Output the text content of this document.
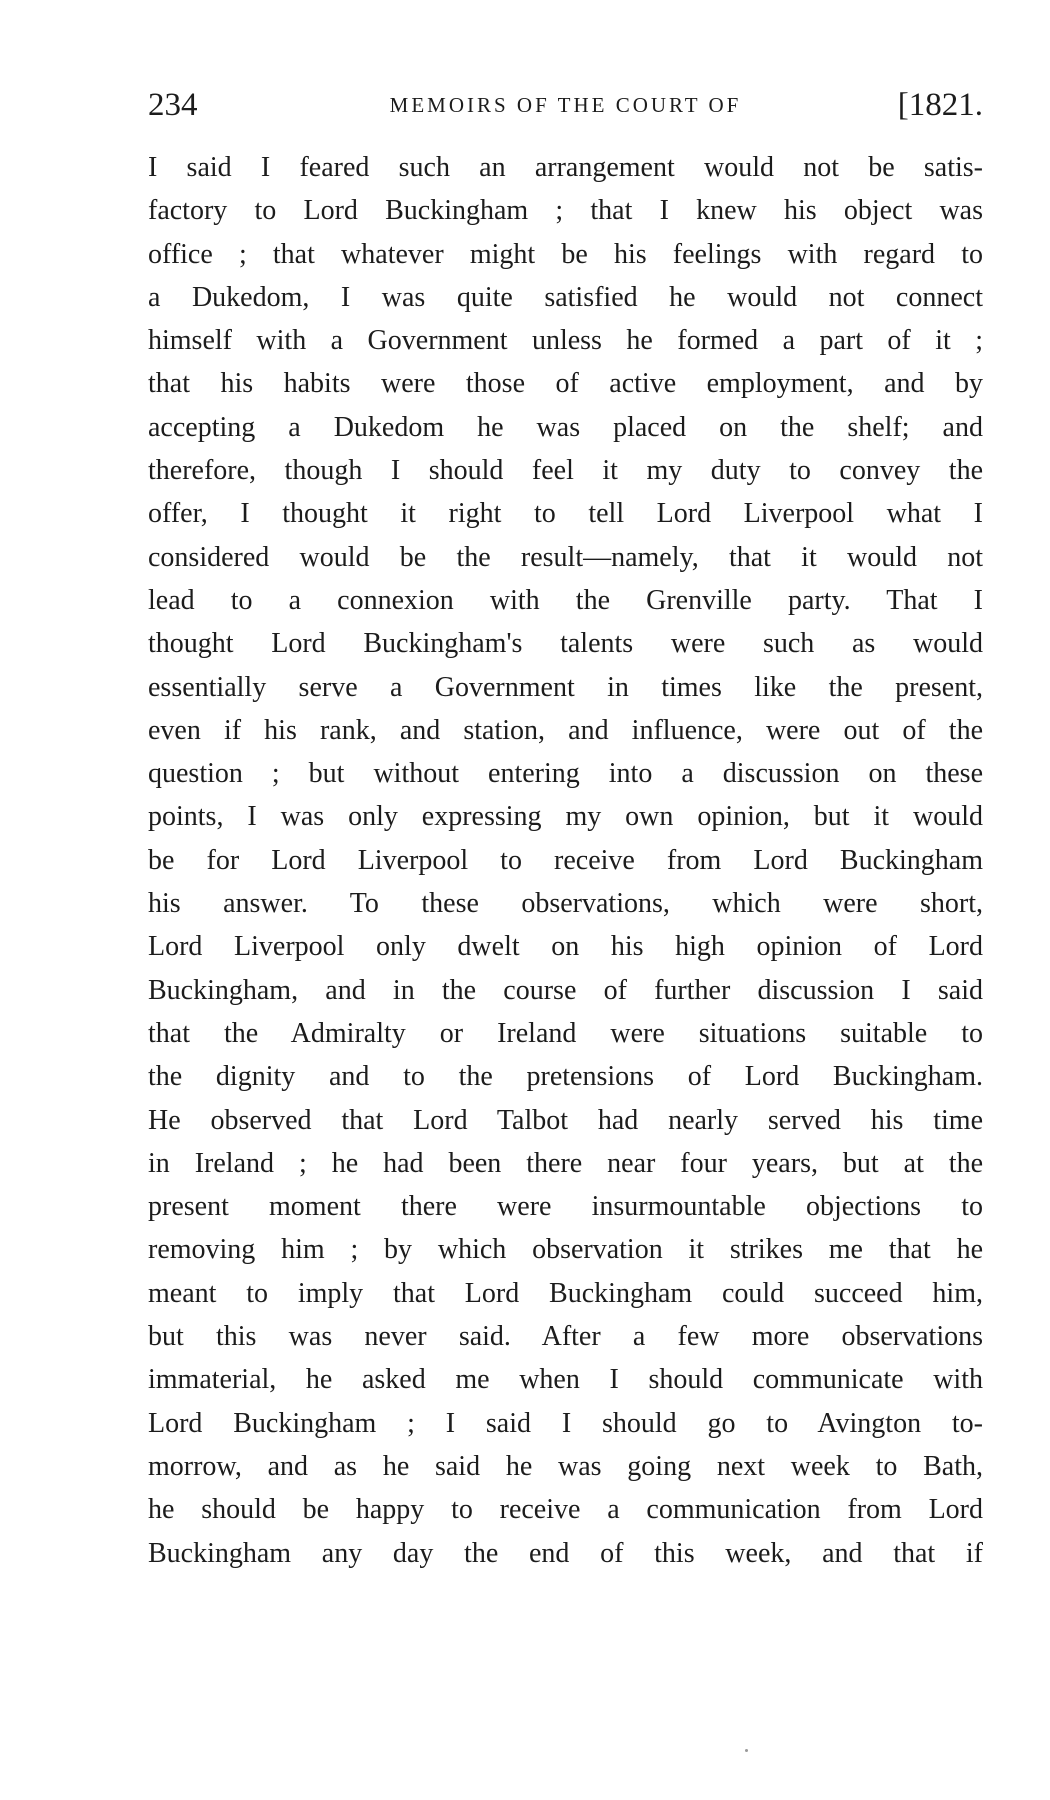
234	MEMOIRS OF THE COURT OF	[1821.
I said I feared such an arrangement would not be satis-
factory to Lord Buckingham ; that I knew his object was
office ; that whatever might be his feelings with regard to
a Dukedom, I was quite satisfied he would not connect
himself with a Government unless he formed a part of it ;
that his habits were those of active employment, and by
accepting a Dukedom he was placed on the shelf; and
therefore, though I should feel it my duty to convey the
offer, I thought it right to tell Lord Liverpool what I
considered would be the result—namely, that it would not
lead to a connexion with the Grenville party. That I
thought Lord Buckingham's talents were such as would
essentially serve a Government in times like the present,
even if his rank, and station, and influence, were out of the
question ; but without entering into a discussion on these
points, I was only expressing my own opinion, but it would
be for Lord Liverpool to receive from Lord Buckingham
his answer. To these observations, which were short,
Lord Liverpool only dwelt on his high opinion of Lord
Buckingham, and in the course of further discussion I said
that the Admiralty or Ireland were situations suitable to
the dignity and to the pretensions of Lord Buckingham.
He observed that Lord Talbot had nearly served his time
in Ireland ; he had been there near four years, but at the
present moment there were insurmountable objections to
removing him ; by which observation it strikes me that he
meant to imply that Lord Buckingham could succeed him,
but this was never said. After a few more observations
immaterial, he asked me when I should communicate with
Lord Buckingham ; I said I should go to Avington to-
morrow, and as he said he was going next week to Bath,
he should be happy to receive a communication from Lord
Buckingham any day the end of this week, and that if
